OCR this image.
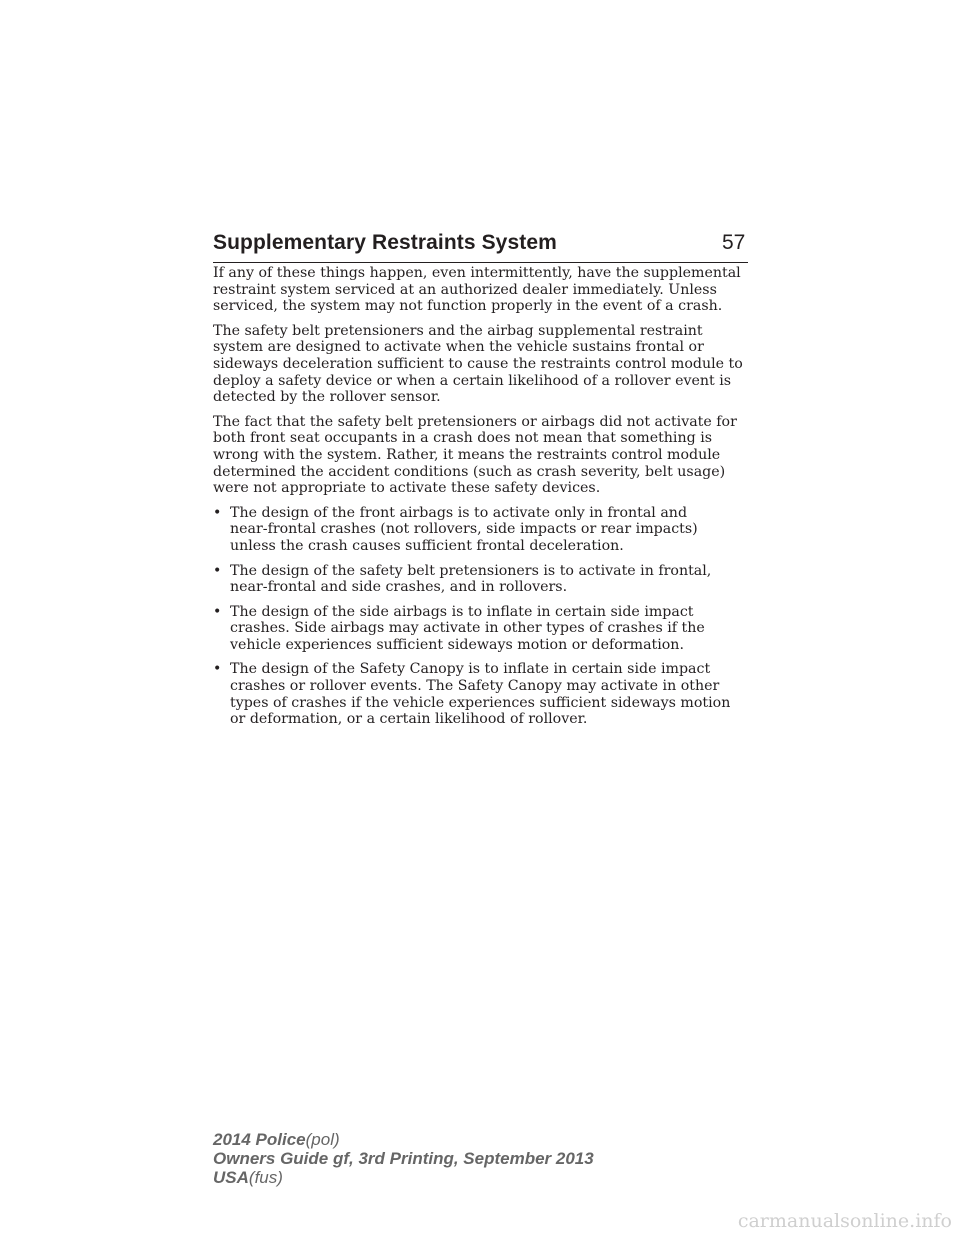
Supplementary Restraints System	57
If any of these things happen, even intermittently, have the supplemental
restraint system serviced at an authorized dealer immediately. Unless
serviced, the system may not function properly in the event of a crash.
The safety belt pretensioners and the airbag supplemental restraint
system are designed to activate when the vehicle sustains frontal or
sideways deceleration sufficient to cause the restraints control module to
deploy a safety device or when a certain likelihood of a rollover event is
detected by the rollover sensor.
The fact that the safety belt pretensioners or airbags did not activate for
both front seat occupants in a crash does not mean that something is
wrong with the system. Rather, it means the restraints control module
determined the accident conditions (such as crash severity, belt usage)
were not appropriate to activate these safety devices.
• The design of the front airbags is to activate only in frontal and
near-frontal crashes (not rollovers, side impacts or rear impacts)
unless the crash causes sufficient frontal deceleration.
• The design of the safety belt pretensioners is to activate in frontal,
near-frontal and side crashes, and in rollovers.
• The design of the side airbags is to inflate in certain side impact
crashes. Side airbags may activate in other types of crashes if the
vehicle experiences sufficient sideways motion or deformation.
• The design of the Safety Canopy is to inflate in certain side impact
crashes or rollover events. The Safety Canopy may activate in other
types of crashes if the vehicle experiences sufficient sideways motion
or deformation, or a certain likelihood of rollover.
2014 Police(pol)
Owners Guide gf, 3rd Printing, September 2013
USA(fus)
carmanualsonline.info
